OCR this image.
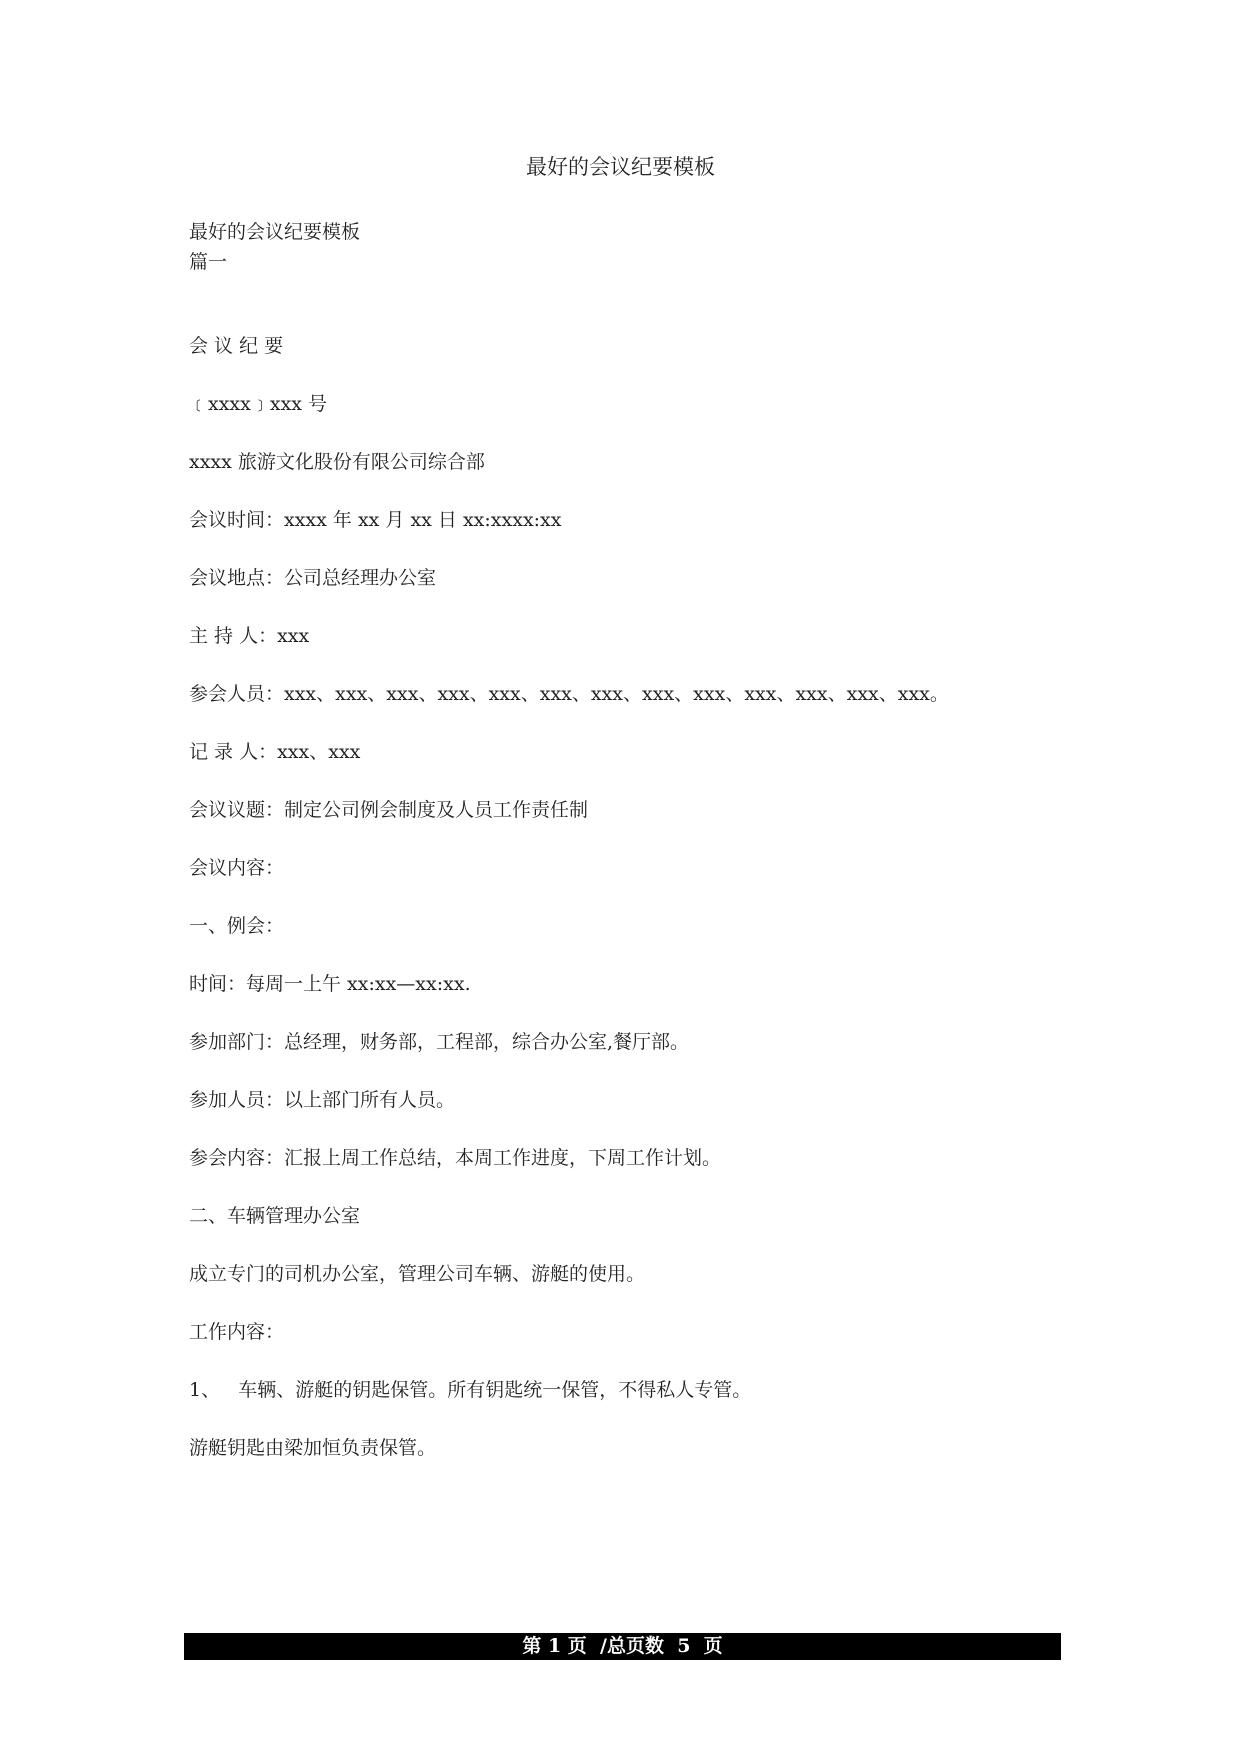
最好的会议纪要模板
最好的会议纪要模板
篇一
会 议 纪 要
﹝xxxx﹞xxx 号
xxxx 旅游文化股份有限公司综合部
会议时间：xxxx 年 xx 月 xx 日 xx:xxxx:xx
会议地点：公司总经理办公室
主 持 人：xxx
参会人员：xxx、xxx、xxx、xxx、xxx、xxx、xxx、xxx、xxx、xxx、xxx、xxx、xxx。
记 录 人：xxx、xxx
会议议题：制定公司例会制度及人员工作责任制
会议内容：
一、例会：
时间：每周一上午 xx:xx—xx:xx.
参加部门：总经理，财务部，工程部，综合办公室,餐厅部。
参加人员：以上部门所有人员。
参会内容：汇报上周工作总结，本周工作进度，下周工作计划。
二、车辆管理办公室
成立专门的司机办公室，管理公司车辆、游艇的使用。
工作内容：
1、   车辆、游艇的钥匙保管。所有钥匙统一保管，不得私人专管。
游艇钥匙由梁加恒负责保管。
第 1 页  /总页数  5  页
